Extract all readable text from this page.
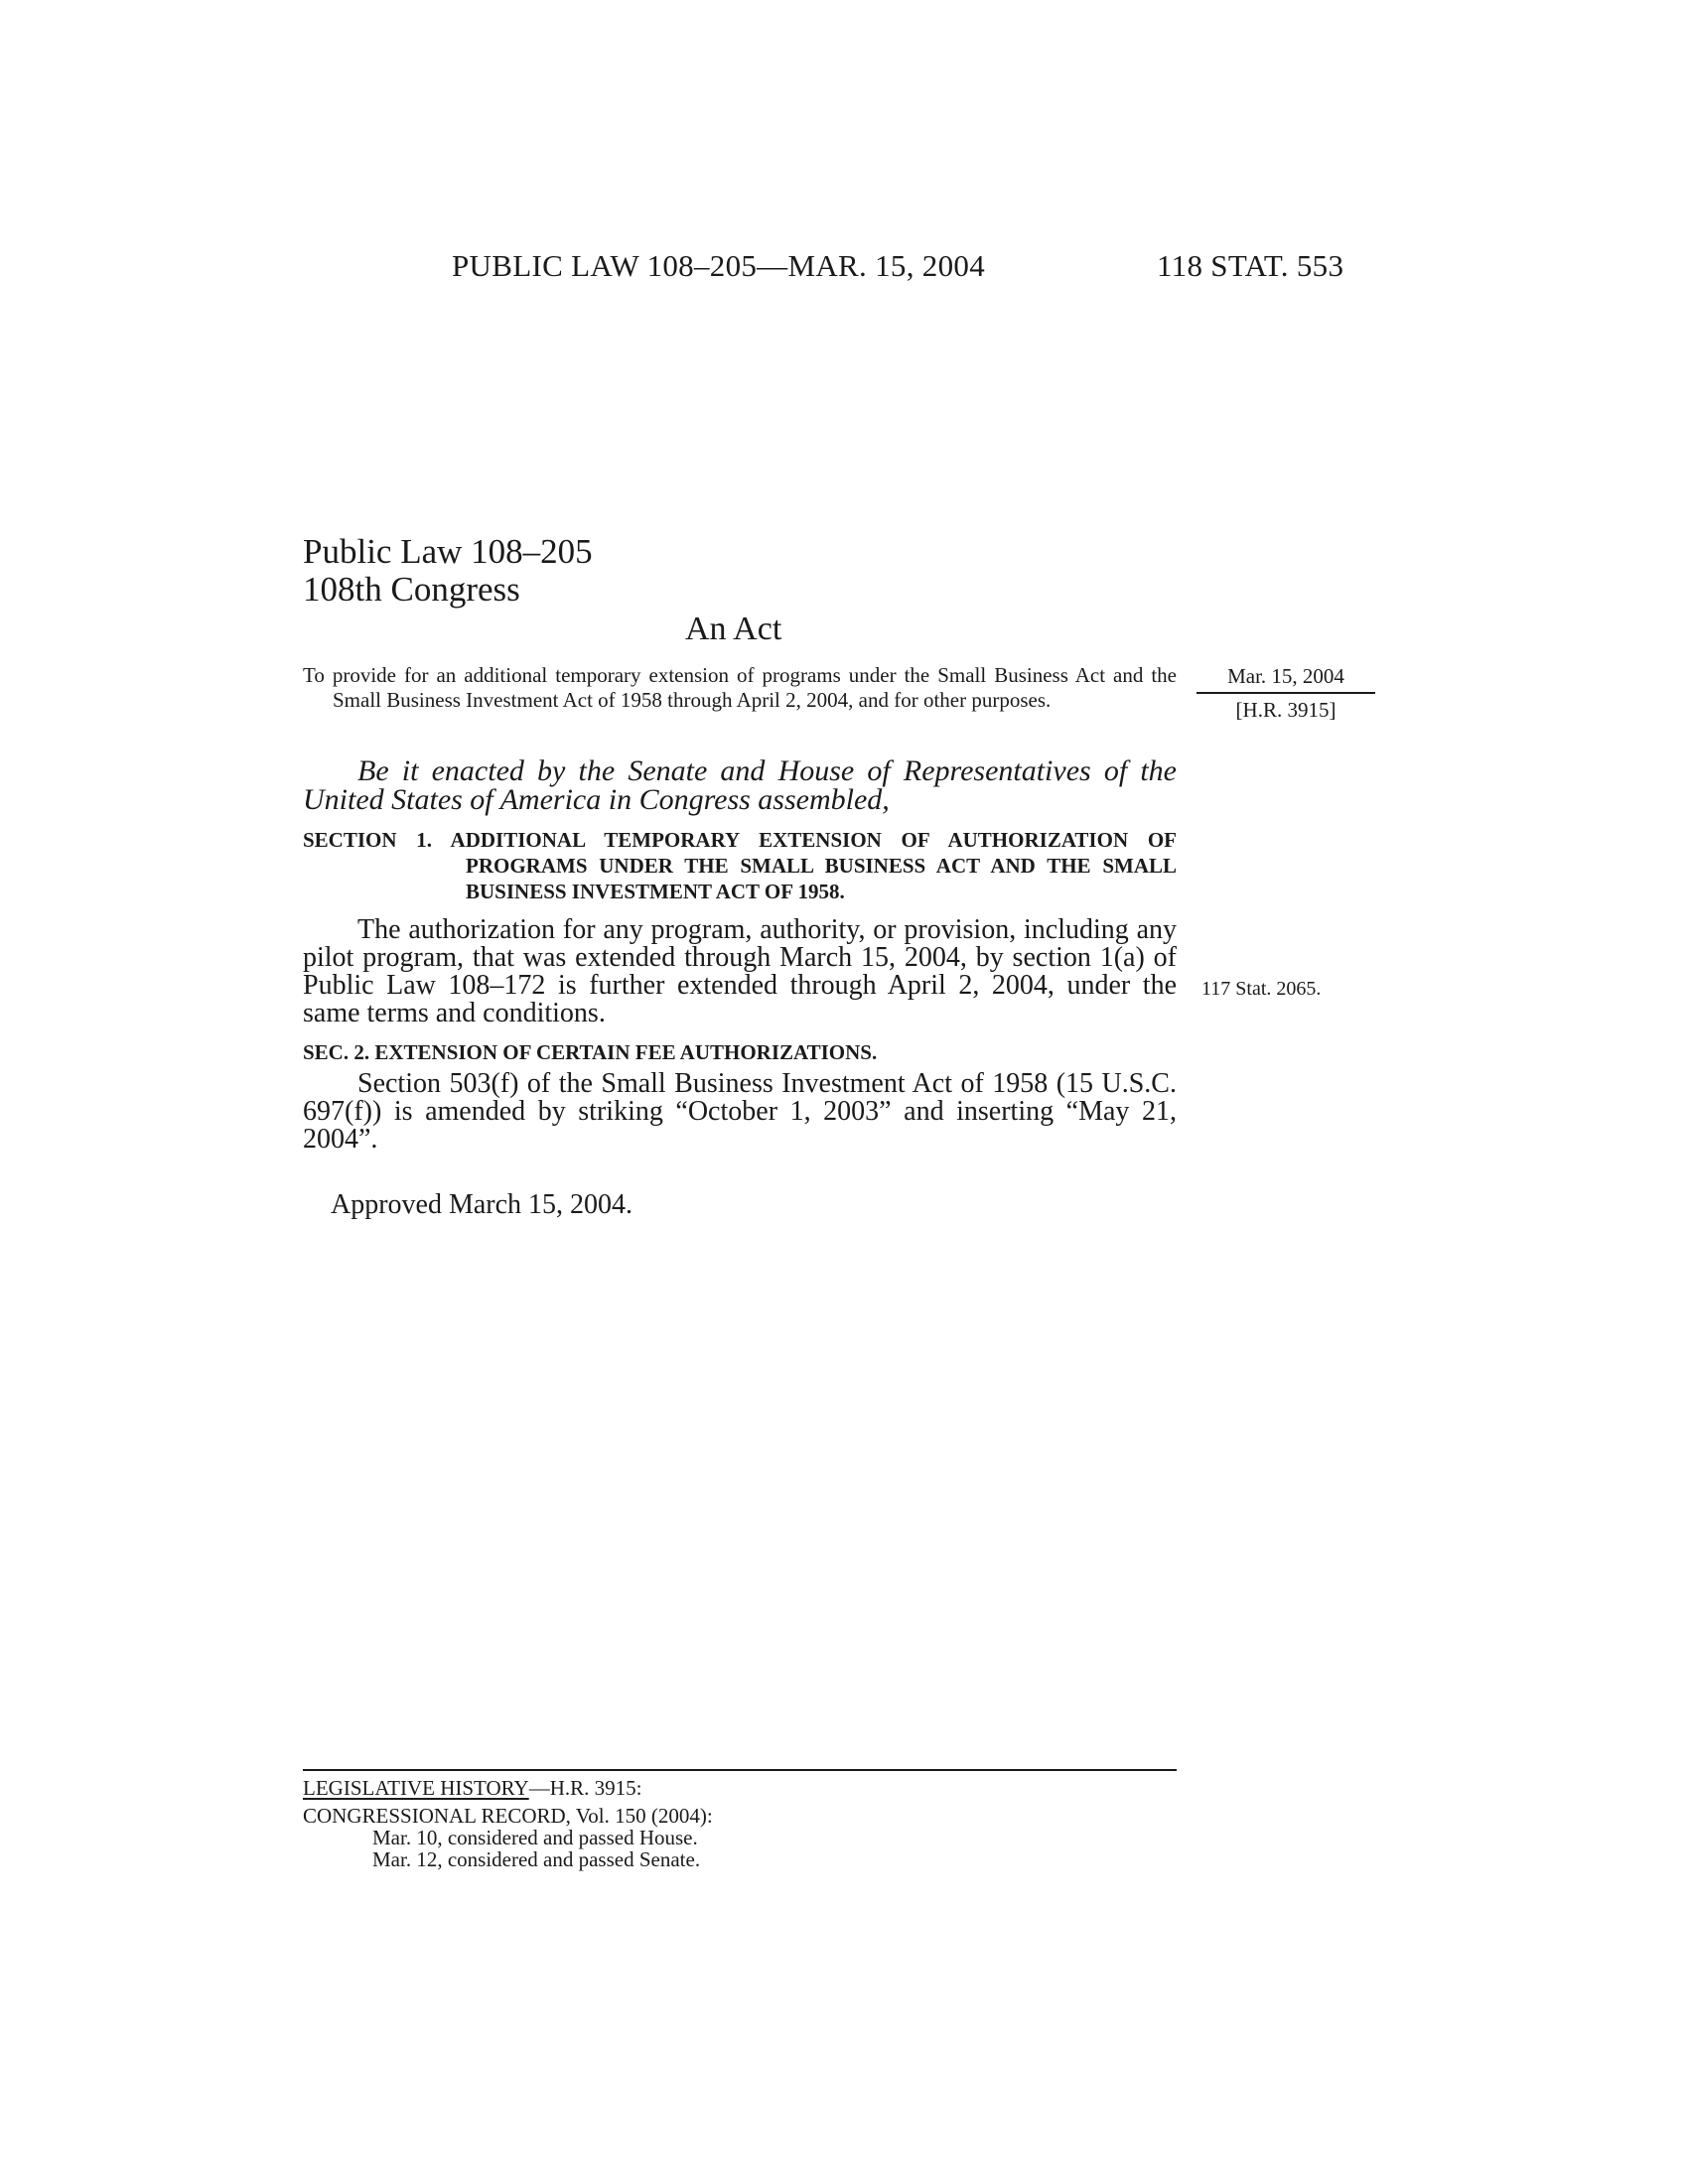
PUBLIC LAW 108–205—MAR. 15, 2004	118 STAT. 553
Public Law 108–205
108th Congress
An Act
To provide for an additional temporary extension of programs under the Small Business Act and the Small Business Investment Act of 1958 through April 2, 2004, and for other purposes.
Mar. 15, 2004
[H.R. 3915]
117 Stat. 2065.
Be it enacted by the Senate and House of Representatives of the United States of America in Congress assembled,
SECTION 1. ADDITIONAL TEMPORARY EXTENSION OF AUTHORIZATION OF PROGRAMS UNDER THE SMALL BUSINESS ACT AND THE SMALL BUSINESS INVESTMENT ACT OF 1958.
The authorization for any program, authority, or provision, including any pilot program, that was extended through March 15, 2004, by section 1(a) of Public Law 108–172 is further extended through April 2, 2004, under the same terms and conditions.
SEC. 2. EXTENSION OF CERTAIN FEE AUTHORIZATIONS.
Section 503(f) of the Small Business Investment Act of 1958 (15 U.S.C. 697(f)) is amended by striking “October 1, 2003” and inserting “May 21, 2004”.
Approved March 15, 2004.
LEGISLATIVE HISTORY—H.R. 3915:
CONGRESSIONAL RECORD, Vol. 150 (2004):
Mar. 10, considered and passed House.
Mar. 12, considered and passed Senate.
